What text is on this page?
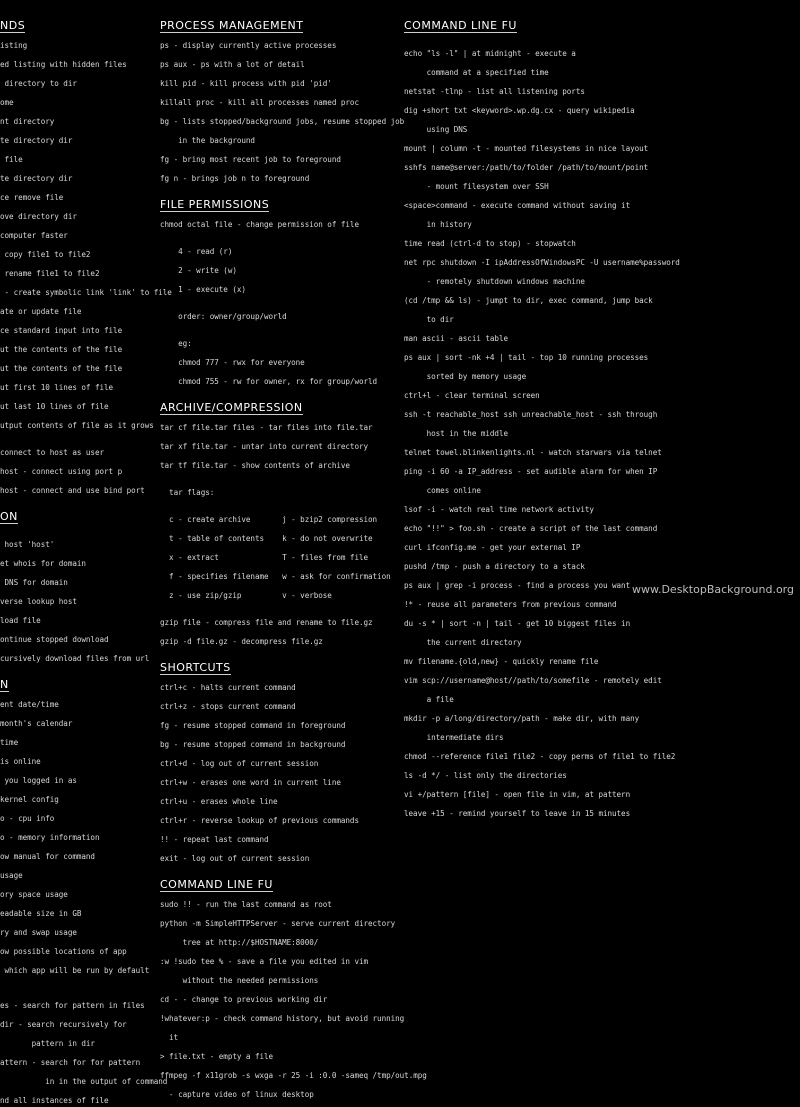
NDS
isting
ed listing with hidden files
directory to dir
ome
nt directory
te directory dir
file
te directory dir
ce remove file
ove directory dir
computer faster
copy file1 to file2
rename file1 to file2
- create symbolic link 'link' to file
ate or update file
ce standard input into file
ut the contents of the file
ut the contents of the file
ut first 10 lines of file
ut last 10 lines of file
utput contents of file as it grows
connect to host as user
host - connect using port p
host - connect and use bind port
ON
host 'host'
et whois for domain
DNS for domain
verse lookup host
load file
ontinue stopped download
cursively download files from url
N
ent date/time
month's calendar
time
is online
you logged in as
kernel config
o - cpu info
o - memory information
ow manual for command
usage
ory space usage
eadable size in GB
ry and swap usage
ow possible locations of app
which app will be run by default
es - search for pattern in files
dir - search recursively for
pattern in dir
attern - search for for pattern
in in the output of command
nd all instances of file
PROCESS MANAGEMENT
ps - display currently active processes
ps aux - ps with a lot of detail
kill pid - kill process with pid 'pid'
killall proc - kill all processes named proc
bg - lists stopped/background jobs, resume stopped job
in the background
fg - bring most recent job to foreground
fg n - brings job n to foreground
FILE PERMISSIONS
chmod octal file - change permission of file
4 - read (r)
2 - write (w)
1 - execute (x)
order: owner/group/world
eg:
chmod 777 - rwx for everyone
chmod 755 - rw for owner, rx for group/world
ARCHIVE/COMPRESSION
tar cf file.tar files - tar files into file.tar
tar xf file.tar - untar into current directory
tar tf file.tar - show contents of archive
tar flags:
c - create archive       j - bzip2 compression
t - table of contents    k - do not overwrite
x - extract              T - files from file
f - specifies filename   w - ask for confirmation
z - use zip/gzip         v - verbose
gzip file - compress file and rename to file.gz
gzip -d file.gz - decompress file.gz
SHORTCUTS
ctrl+c - halts current command
ctrl+z - stops current command
fg - resume stopped command in foreground
bg - resume stopped command in background
ctrl+d - log out of current session
ctrl+w - erases one word in current line
ctrl+u - erases whole line
ctrl+r - reverse lookup of previous commands
!! - repeat last command
exit - log out of current session
COMMAND LINE FU
sudo !! - run the last command as root
python -m SimpleHTTPServer - serve current directory
tree at http://$HOSTNAME:8000/
:w !sudo tee % - save a file you edited in vim
without the needed permissions
cd - - change to previous working dir
!whatever:p - check command history, but avoid running
it
> file.txt - empty a file
ffmpeg -f x11grob -s wxga -r 25 -i :0.0 -sameq /tmp/out.mpg
- capture video of linux desktop
COMMAND LINE FU
echo "ls -l" | at midnight - execute a
command at a specified time
netstat -tlnp - list all listening ports
dig +short txt <keyword>.wp.dg.cx - query wikipedia
using DNS
mount | column -t - mounted filesystems in nice layout
sshfs name@server:/path/to/folder /path/to/mount/point
- mount filesystem over SSH
<space>command - execute command without saving it
in history
time read (ctrl-d to stop) - stopwatch
net rpc shutdown -I ipAddressOfWindowsPC -U username%password
- remotely shutdown windows machine
(cd /tmp && ls) - jumpt to dir, exec command, jump back
to dir
man ascii - ascii table
ps aux | sort -nk +4 | tail - top 10 running processes
sorted by memory usage
ctrl+l - clear terminal screen
ssh -t reachable_host ssh unreachable_host - ssh through
host in the middle
telnet towel.blinkenlights.nl - watch starwars via telnet
ping -i 60 -a IP_address - set audible alarm for when IP
comes online
lsof -i - watch real time network activity
echo "!!" > foo.sh - create a script of the last command
curl ifconfig.me - get your external IP
pushd /tmp - push a directory to a stack
ps aux | grep -i process - find a process you want
!* - reuse all parameters from previous command
du -s * | sort -n | tail - get 10 biggest files in
the current directory
mv filename.{old,new} - quickly rename file
vim scp://username@host//path/to/somefile - remotely edit
a file
mkdir -p a/long/directory/path - make dir, with many
intermediate dirs
chmod --reference file1 file2 - copy perms of file1 to file2
ls -d */ - list only the directories
vi +/pattern [file] - open file in vim, at pattern
leave +15 - remind yourself to leave in 15 minutes
www.DesktopBackground.org
